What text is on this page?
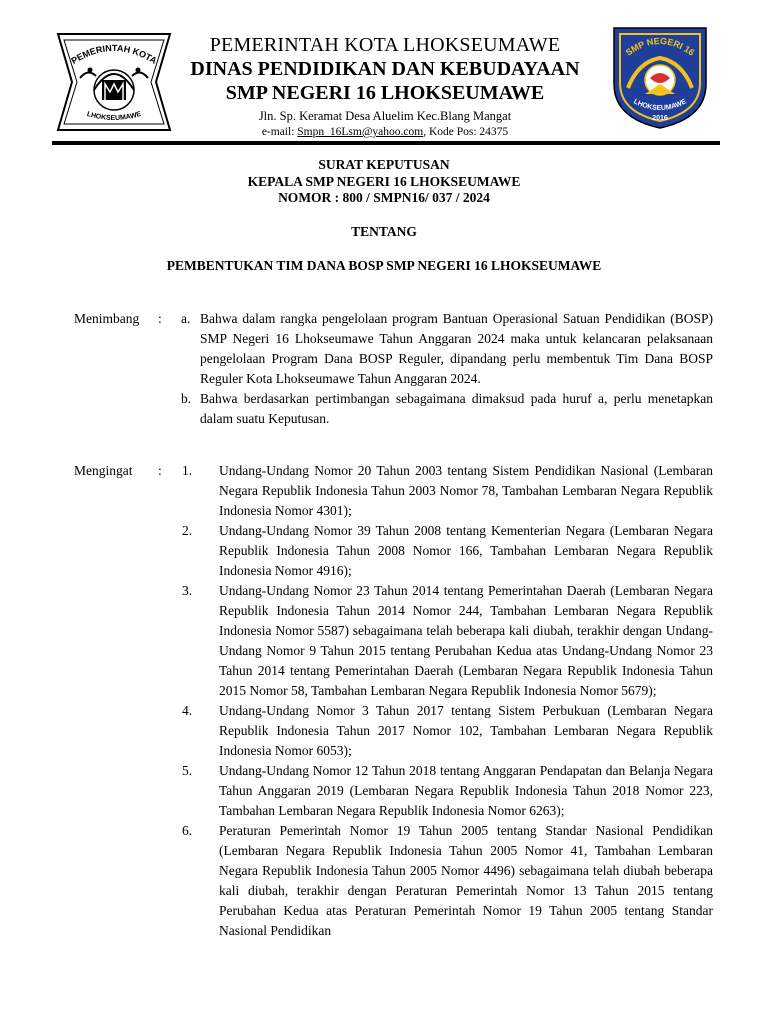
PEMERINTAH KOTA
LHOKSEUMAWE
PEMERINTAH KOTA LHOKSEUMAWE
DINAS PENDIDIKAN DAN KEBUDAYAAN
SMP NEGERI 16 LHOKSEUMAWE
Jln. Sp. Keramat Desa Aluelim Kec.Blang Mangat
e-mail: Smpn_16Lsm@yahoo.com, Kode Pos: 24375
SMP NEGERI 16
LHOKSEUMAWE
2016
SURAT KEPUTUSAN
KEPALA SMP NEGERI 16 LHOKSEUMAWE
NOMOR : 800 / SMPN16/ 037 / 2024
TENTANG
PEMBENTUKAN TIM DANA BOSP SMP NEGERI 16 LHOKSEUMAWE
Menimbang	: a. Bahwa dalam rangka pengelolaan program Bantuan Operasional Satuan Pendidikan (BOSP) SMP Negeri 16 Lhokseumawe Tahun Anggaran 2024 maka untuk kelancaran pelaksanaan pengelolaan Program Dana BOSP Reguler, dipandang perlu membentuk Tim Dana BOSP Reguler Kota Lhokseumawe Tahun Anggaran 2024.
b. Bahwa berdasarkan pertimbangan sebagaimana dimaksud pada huruf a, perlu menetapkan dalam suatu Keputusan.
Mengingat	: 1. Undang-Undang Nomor 20 Tahun 2003 tentang Sistem Pendidikan Nasional (Lembaran Negara Republik Indonesia Tahun 2003 Nomor 78, Tambahan Lembaran Negara Republik Indonesia Nomor 4301);
2. Undang-Undang Nomor 39 Tahun 2008 tentang Kementerian Negara (Lembaran Negara Republik Indonesia Tahun 2008 Nomor 166, Tambahan Lembaran Negara Republik Indonesia Nomor 4916);
3. Undang-Undang Nomor 23 Tahun 2014 tentang Pemerintahan Daerah (Lembaran Negara Republik Indonesia Tahun 2014 Nomor 244, Tambahan Lembaran Negara Republik Indonesia Nomor 5587) sebagaimana telah beberapa kali diubah, terakhir dengan Undang-Undang Nomor 9 Tahun 2015 tentang Perubahan Kedua atas Undang-Undang Nomor 23 Tahun 2014 tentang Pemerintahan Daerah (Lembaran Negara Republik Indonesia Tahun 2015 Nomor 58, Tambahan Lembaran Negara Republik Indonesia Nomor 5679);
4. Undang-Undang Nomor 3 Tahun 2017 tentang Sistem Perbukuan (Lembaran Negara Republik Indonesia Tahun 2017 Nomor 102, Tambahan Lembaran Negara Republik Indonesia Nomor 6053);
5. Undang-Undang Nomor 12 Tahun 2018 tentang Anggaran Pendapatan dan Belanja Negara Tahun Anggaran 2019 (Lembaran Negara Republik Indonesia Tahun 2018 Nomor 223, Tambahan Lembaran Negara Republik Indonesia Nomor 6263);
6. Peraturan Pemerintah Nomor 19 Tahun 2005 tentang Standar Nasional Pendidikan (Lembaran Negara Republik Indonesia Tahun 2005 Nomor 41, Tambahan Lembaran Negara Republik Indonesia Tahun 2005 Nomor 4496) sebagaimana telah diubah beberapa kali diubah, terakhir dengan Peraturan Pemerintah Nomor 13 Tahun 2015 tentang Perubahan Kedua atas Peraturan Pemerintah Nomor 19 Tahun 2005 tentang Standar Nasional Pendidikan
